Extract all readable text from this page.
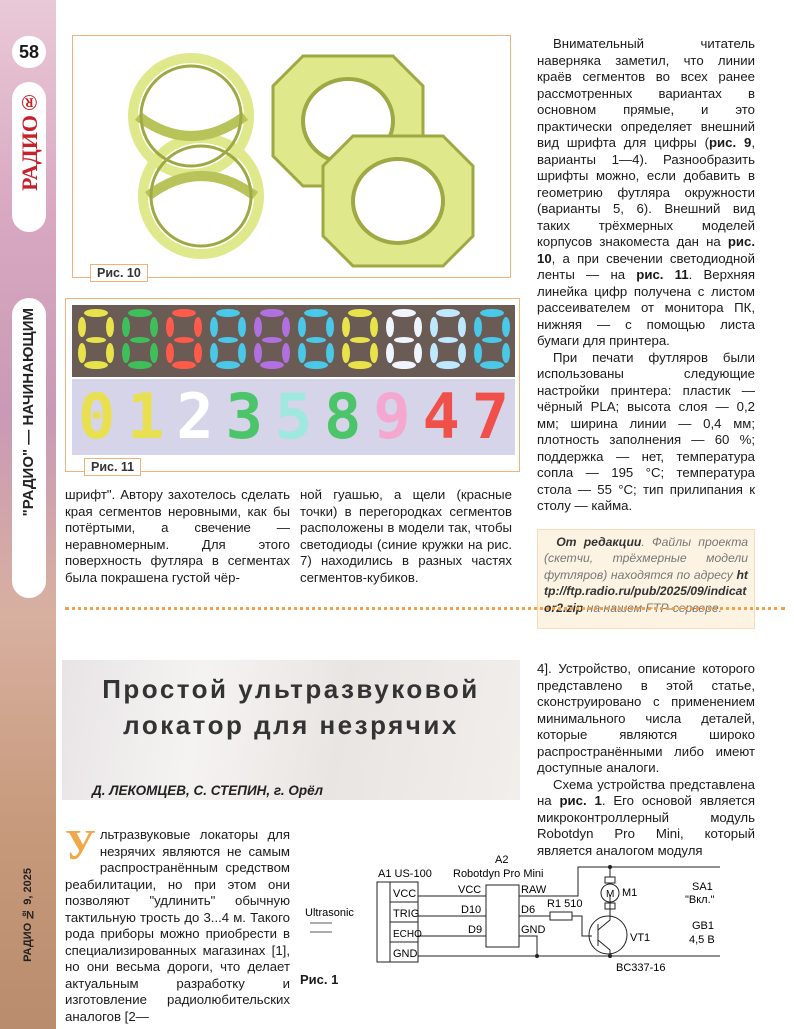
58
РАДИО®
"РАДИО" — НАЧИНАЮЩИМ
РАДИО № 9, 2025
Рис. 10
0 1 2 3 5 8 9 4 7
Рис. 11

Внимательный читатель наверняка заметил, что линии краёв сегментов во всех ранее рассмотренных вариантах в основном прямые, и это практически определяет внешний вид шрифта для цифры (рис. 9, варианты 1—4). Разнообразить шрифты можно, если добавить в геометрию футляра окружности (варианты 5, 6). Внешний вид таких трёхмерных моделей корпусов знакоместа дан на рис. 10, а при свечении светодиодной ленты — на рис. 11. Верхняя линейка цифр получена с листом рассеивателем от монитора ПК, нижняя — с помощью листа бумаги для принтера.

При печати футляров были использованы следующие настройки принтера: пластик — чёрный PLA; высота слоя — 0,2 мм; ширина линии — 0,4 мм; плотность заполнения — 60 %; поддержка — нет, температура сопла — 195 °С; температура стола — 55 °С; тип прилипания к столу — кайма.

 От редакции. Файлы проекта (скетчи, трёхмерные модели футляров) находятся по адресу http://ftp.radio.ru/pub/2025/09/indicator2.zip на нашем FTP-сервере.
шрифт". Автору захотелось сделать края сегментов неровными, как бы потёртыми, а свечение — неравномерным. Для этого поверхность футляра в сегментах была покрашена густой чёр-
ной гуашью, а щели (красные точки) в перегородках сегментов расположены в модели так, чтобы светодиоды (синие кружки на рис. 7) находились в разных частях сегментов-кубиков.
Простой ультразвуковой
локатор для незрячих
Д. ЛЕКОМЦЕВ, С. СТЕПИН, г. Орёл
Ультразвуковые локаторы для незрячих являются не самым распространённым средством реабилитации, но при этом они позволяют "удлинить" обычную тактильную трость до 3...4 м. Такого рода приборы можно приобрести в специализированных магазинах [1], но они весьма дороги, что делает актуальным разработку и изготовление радиолюбительских аналогов [2—

4]. Устройство, описание которого представлено в этой статье, сконструировано с применением минимального числа деталей, которые являются широко распространёнными либо имеют доступные аналоги.

Схема устройства представлена на рис. 1. Его основой является микроконтроллерный модуль Robotdyn Pro Mini, который является аналогом модуля

A1 US-100
A2
Robotdyn Pro Mini
Ultrasonic
VCC
TRIG
ECHO
GND
VCC
D10
D9
RAW
D6
GND
R1 510
M M1
VT1
BC337-16
SA1
"Вкл."
GB1
4,5 В
Рис. 1
